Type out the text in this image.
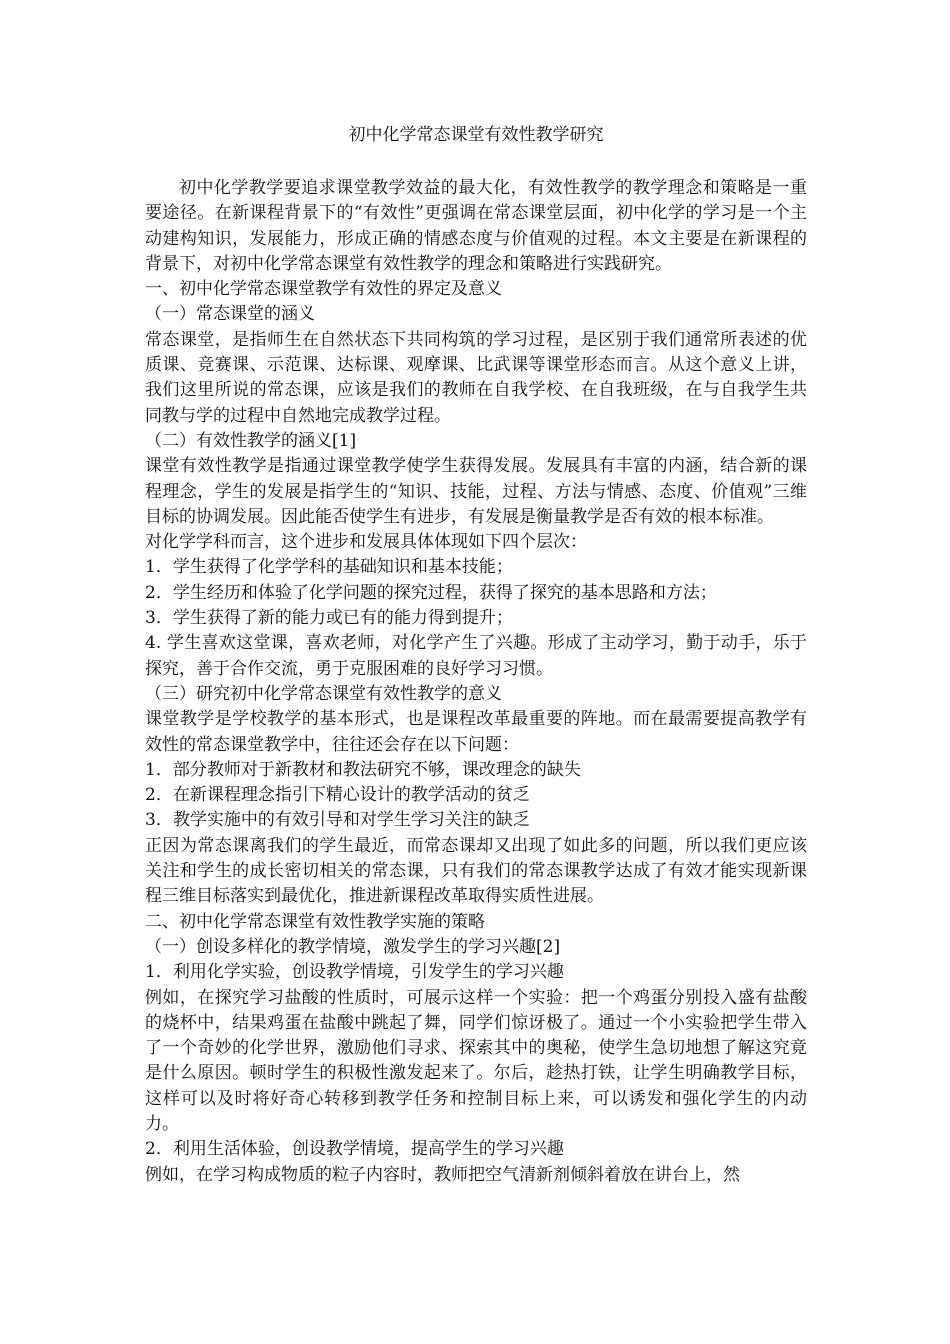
初中化学常态课堂有效性教学研究
初中化学教学要追求课堂教学效益的最大化，有效性教学的教学理念和策略是一重要途径。在新课程背景下的“有效性”更强调在常态课堂层面，初中化学的学习是一个主动建构知识，发展能力，形成正确的情感态度与价值观的过程。本文主要是在新课程的背景下，对初中化学常态课堂有效性教学的理念和策略进行实践研究。
一、初中化学常态课堂教学有效性的界定及意义
（一）常态课堂的涵义
常态课堂，是指师生在自然状态下共同构筑的学习过程，是区别于我们通常所表述的优质课、竞赛课、示范课、达标课、观摩课、比武课等课堂形态而言。从这个意义上讲，我们这里所说的常态课，应该是我们的教师在自我学校、在自我班级，在与自我学生共同教与学的过程中自然地完成教学过程。
（二）有效性教学的涵义[1]
课堂有效性教学是指通过课堂教学使学生获得发展。发展具有丰富的内涵，结合新的课程理念，学生的发展是指学生的“知识、技能，过程、方法与情感、态度、价值观”三维目标的协调发展。因此能否使学生有进步，有发展是衡量教学是否有效的根本标准。
对化学学科而言，这个进步和发展具体体现如下四个层次：
1．学生获得了化学学科的基础知识和基本技能；
2．学生经历和体验了化学问题的探究过程，获得了探究的基本思路和方法；
3．学生获得了新的能力或已有的能力得到提升；
4. 学生喜欢这堂课，喜欢老师，对化学产生了兴趣。形成了主动学习，勤于动手，乐于探究，善于合作交流，勇于克服困难的良好学习习惯。
（三）研究初中化学常态课堂有效性教学的意义
课堂教学是学校教学的基本形式，也是课程改革最重要的阵地。而在最需要提高教学有效性的常态课堂教学中，往往还会存在以下问题：
1．部分教师对于新教材和教法研究不够，课改理念的缺失
2．在新课程理念指引下精心设计的教学活动的贫乏
3．教学实施中的有效引导和对学生学习关注的缺乏
正因为常态课离我们的学生最近，而常态课却又出现了如此多的问题，所以我们更应该关注和学生的成长密切相关的常态课，只有我们的常态课教学达成了有效才能实现新课程三维目标落实到最优化，推进新课程改革取得实质性进展。
二、初中化学常态课堂有效性教学实施的策略
（一）创设多样化的教学情境，激发学生的学习兴趣[2]
1．利用化学实验，创设教学情境，引发学生的学习兴趣
例如，在探究学习盐酸的性质时，可展示这样一个实验：把一个鸡蛋分别投入盛有盐酸的烧杯中，结果鸡蛋在盐酸中跳起了舞，同学们惊讶极了。通过一个小实验把学生带入了一个奇妙的化学世界，激励他们寻求、探索其中的奥秘，使学生急切地想了解这究竟是什么原因。顿时学生的积极性激发起来了。尔后，趁热打铁，让学生明确教学目标，这样可以及时将好奇心转移到教学任务和控制目标上来，可以诱发和强化学生的内动力。
2．利用生活体验，创设教学情境，提高学生的学习兴趣
例如，在学习构成物质的粒子内容时，教师把空气清新剂倾斜着放在讲台上，然
